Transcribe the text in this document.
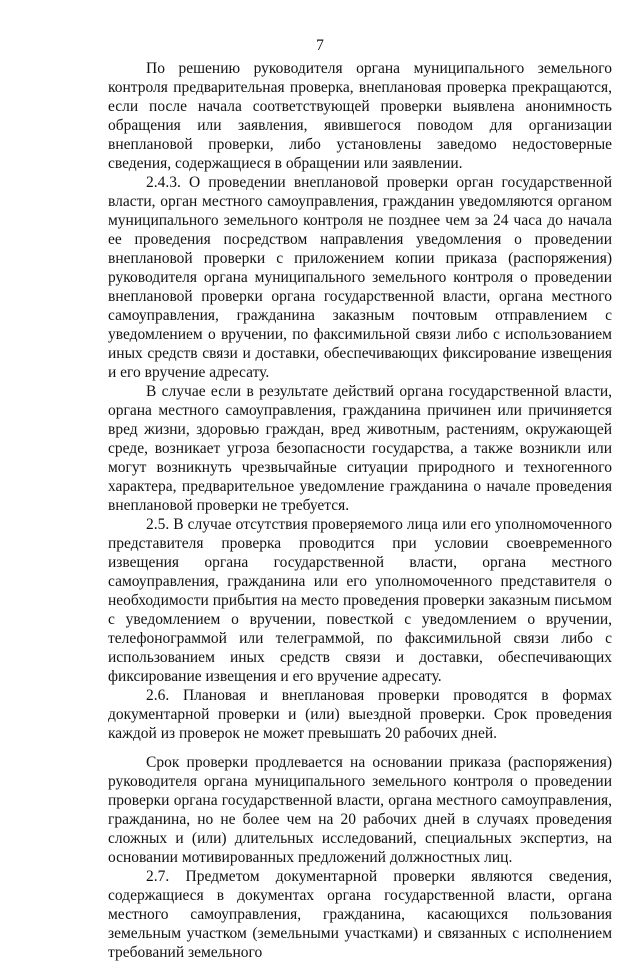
7

По решению руководителя органа муниципального земельного контроля предварительная проверка, внеплановая проверка прекращаются, если после начала соответствующей проверки выявлена анонимность обращения или заявления, явившегося поводом для организации внеплановой проверки, либо установлены заведомо недостоверные сведения, содержащиеся в обращении или заявлении.

2.4.3. О проведении внеплановой проверки орган государственной власти, орган местного самоуправления, гражданин уведомляются органом муниципального земельного контроля не позднее чем за 24 часа до начала ее проведения посредством направления уведомления о проведении внеплановой проверки с приложением копии приказа (распоряжения) руководителя органа муниципального земельного контроля о проведении внеплановой проверки органа государственной власти, органа местного самоуправления, гражданина заказным почтовым отправлением с уведомлением о вручении, по факсимильной связи либо с использованием иных средств связи и доставки, обеспечивающих фиксирование извещения и его вручение адресату.

В случае если в результате действий органа государственной власти, органа местного самоуправления, гражданина причинен или причиняется вред жизни, здоровью граждан, вред животным, растениям, окружающей среде, возникает угроза безопасности государства, а также возникли или могут возникнуть чрезвычайные ситуации природного и техногенного характера, предварительное уведомление гражданина о начале проведения внеплановой проверки не требуется.

2.5. В случае отсутствия проверяемого лица или его уполномоченного представителя проверка проводится при условии своевременного извещения органа государственной власти, органа местного самоуправления, гражданина или его уполномоченного представителя о необходимости прибытия на место проведения проверки заказным письмом с уведомлением о вручении, повесткой с уведомлением о вручении, телефонограммой или телеграммой, по факсимильной связи либо с использованием иных средств связи и доставки, обеспечивающих фиксирование извещения и его вручение адресату.

2.6. Плановая и внеплановая проверки проводятся в формах документарной проверки и (или) выездной проверки. Срок проведения каждой из проверок не может превышать 20 рабочих дней.

Срок проверки продлевается на основании приказа (распоряжения) руководителя органа муниципального земельного контроля о проведении проверки органа государственной власти, органа местного самоуправления, гражданина, но не более чем на 20 рабочих дней в случаях проведения сложных и (или) длительных исследований, специальных экспертиз, на основании мотивированных предложений должностных лиц.

2.7. Предметом документарной проверки являются сведения, содержащиеся в документах органа государственной власти, органа местного самоуправления, гражданина, касающихся пользования земельным участком (земельными участками) и связанных с исполнением требований земельного
